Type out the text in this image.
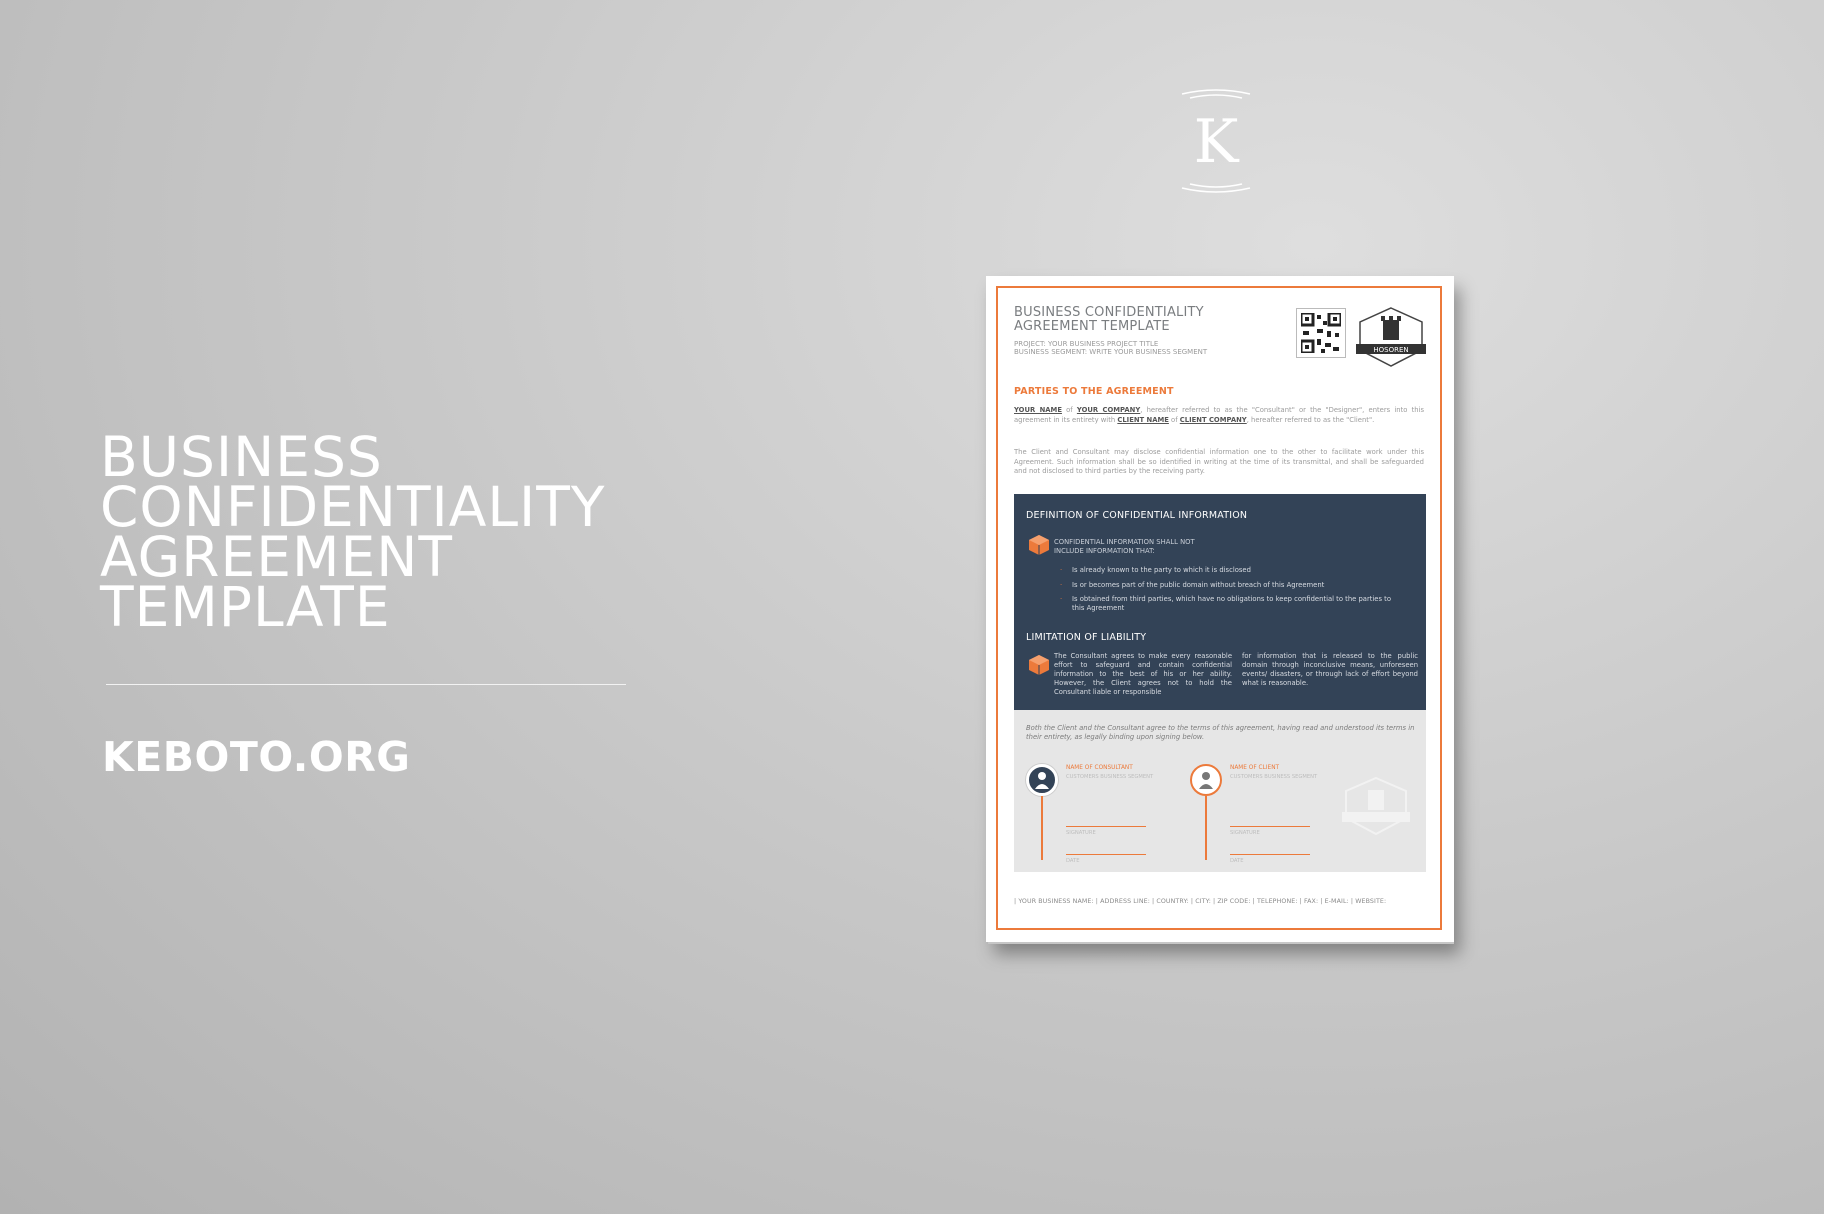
BUSINESS
CONFIDENTIALITY
AGREEMENT
TEMPLATE
KEBOTO.ORG
K
BUSINESS CONFIDENTIALITY
AGREEMENT TEMPLATE
PROJECT: YOUR BUSINESS PROJECT TITLE
BUSINESS SEGMENT: WRITE YOUR BUSINESS SEGMENT	HOSOREN
PARTIES TO THE AGREEMENT
YOUR NAME of YOUR COMPANY, hereafter referred to as the "Consultant" or the "Designer", enters into this agreement in its entirety with CLIENT NAME of CLIENT COMPANY, hereafter referred to as the "Client".
The Client and Consultant may disclose confidential information one to the other to facilitate work under this Agreement. Such information shall be so identified in writing at the time of its transmittal, and shall be safeguarded and not disclosed to third parties by the receiving party.
DEFINITION OF CONFIDENTIAL INFORMATION
CONFIDENTIAL INFORMATION SHALL NOT
INCLUDE INFORMATION THAT:
· Is already known to the party to which it is disclosed
· Is or becomes part of the public domain without breach of this Agreement
· Is obtained from third parties, which have no obligations to keep confidential to the parties to this Agreement
LIMITATION OF LIABILITY
The Consultant agrees to make every reasonable effort to safeguard and contain confidential information to the best of his or her ability. However, the Client agrees not to hold the Consultant liable or responsible
for information that is released to the public domain through inconclusive means, unforeseen events/ disasters, or through lack of effort beyond what is reasonable.
Both the Client and the Consultant agree to the terms of this agreement, having read and understood its terms in their entirety, as legally binding upon signing below.
NAME OF CONSULTANT
CUSTOMERS BUSINESS SEGMENT
SIGNATURE
DATE
NAME OF CLIENT
CUSTOMERS BUSINESS SEGMENT
SIGNATURE
DATE
| YOUR BUSINESS NAME: | ADDRESS LINE: | COUNTRY: | CITY: | ZIP CODE: | TELEPHONE: | FAX: | E-MAIL: | WEBSITE:
